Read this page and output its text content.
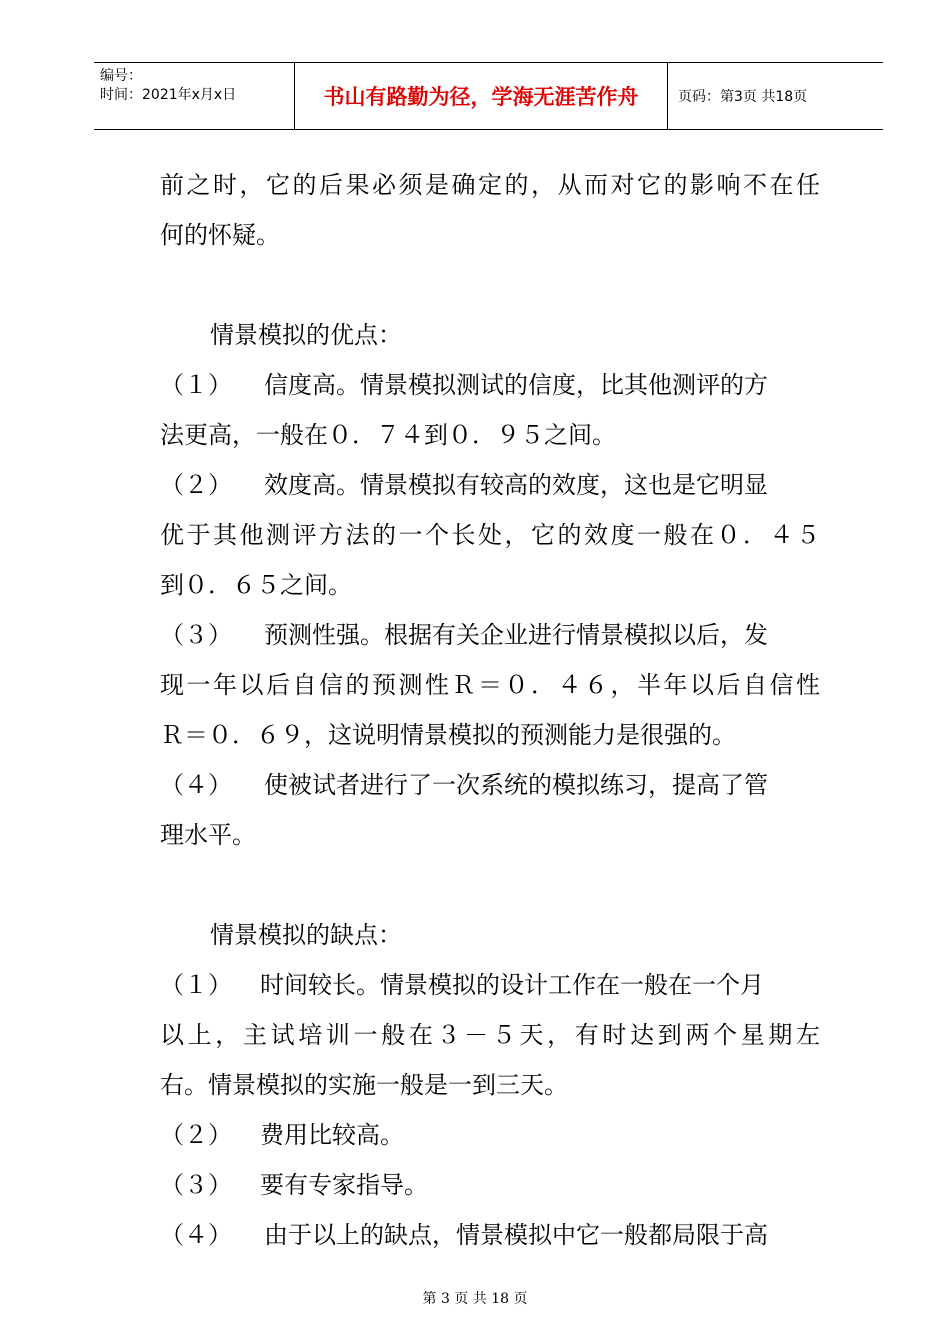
编号：
时间：2021年x月x日	书山有路勤为径，学海无涯苦作舟	页码：第3页 共18页
前之时，它的后果必须是确定的，从而对它的影响不在任
何的怀疑。
情景模拟的优点：
（１） 信度高。情景模拟测试的信度，比其他测评的方
法更高，一般在０．７４到０．９５之间。
（２） 效度高。情景模拟有较高的效度，这也是它明显
优于其他测评方法的一个长处，它的效度一般在０．４５
到０．６５之间。
（３） 预测性强。根据有关企业进行情景模拟以后，发
现一年以后自信的预测性Ｒ＝０．４６，半年以后自信性
Ｒ＝０．６９，这说明情景模拟的预测能力是很强的。
（４） 使被试者进行了一次系统的模拟练习，提高了管
理水平。
情景模拟的缺点：
（１） 时间较长。情景模拟的设计工作在一般在一个月
以上，主试培训一般在３－５天，有时达到两个星期左
右。情景模拟的实施一般是一到三天。
（２） 费用比较高。
（３） 要有专家指导。
（４） 由于以上的缺点，情景模拟中它一般都局限于高
第 3 页 共 18 页
